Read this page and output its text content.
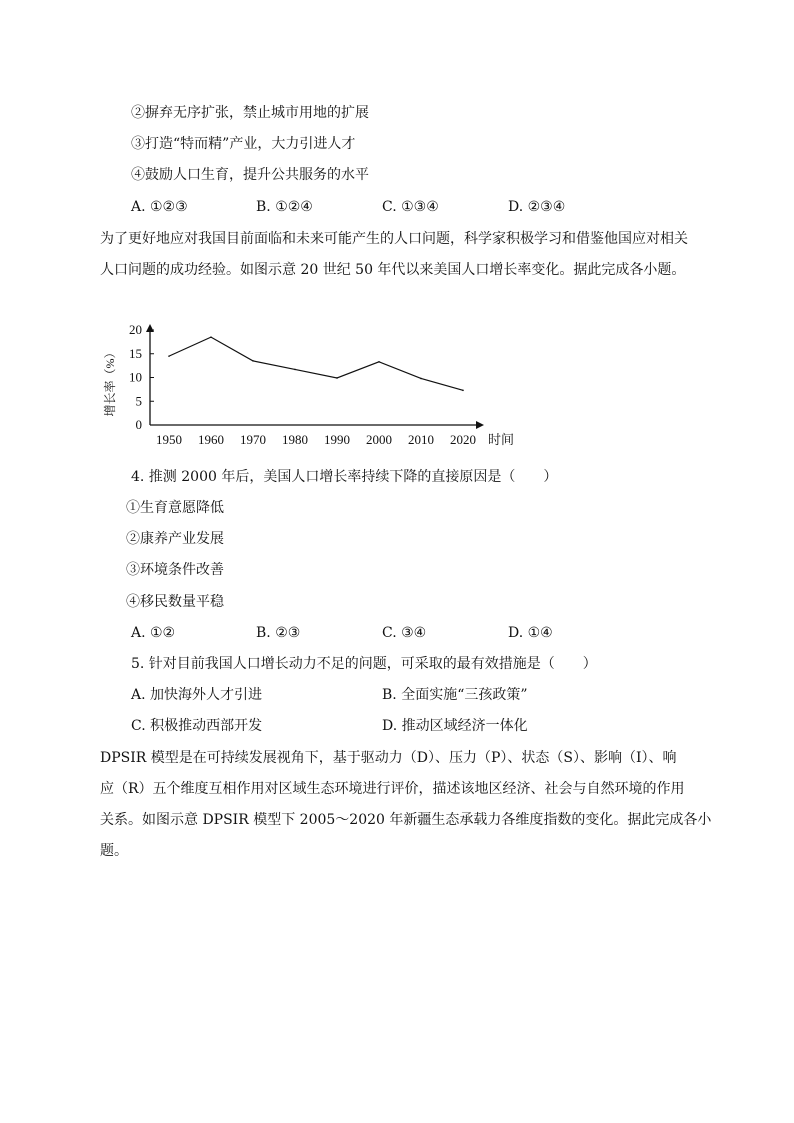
②摒弃无序扩张，禁止城市用地的扩展
③打造“特而精”产业，大力引进人才
④鼓励人口生育，提升公共服务的水平
A. ①②③	B. ①②④	C. ①③④	D. ②③④
为了更好地应对我国目前面临和未来可能产生的人口问题，科学家积极学习和借鉴他国应对相关
人口问题的成功经验。如图示意 20 世纪 50 年代以来美国人口增长率变化。据此完成各小题。
0
5
10
15
20
1950 1960 1970 1980 1990 2000 2010 2020 时间
增长率（%）
4. 推测 2000 年后，美国人口增长率持续下降的直接原因是（　　）
①生育意愿降低
②康养产业发展
③环境条件改善
④移民数量平稳
A. ①②	B. ②③	C. ③④	D. ①④
5. 针对目前我国人口增长动力不足的问题，可采取的最有效措施是（　　）
A. 加快海外人才引进	B. 全面实施“三孩政策”
C. 积极推动西部开发	D. 推动区域经济一体化
DPSIR 模型是在可持续发展视角下，基于驱动力（D）、压力（P）、状态（S）、影响（I）、响
应（R）五个维度互相作用对区域生态环境进行评价，描述该地区经济、社会与自然环境的作用
关系。如图示意 DPSIR 模型下 2005～2020 年新疆生态承载力各维度指数的变化。据此完成各小
题。
